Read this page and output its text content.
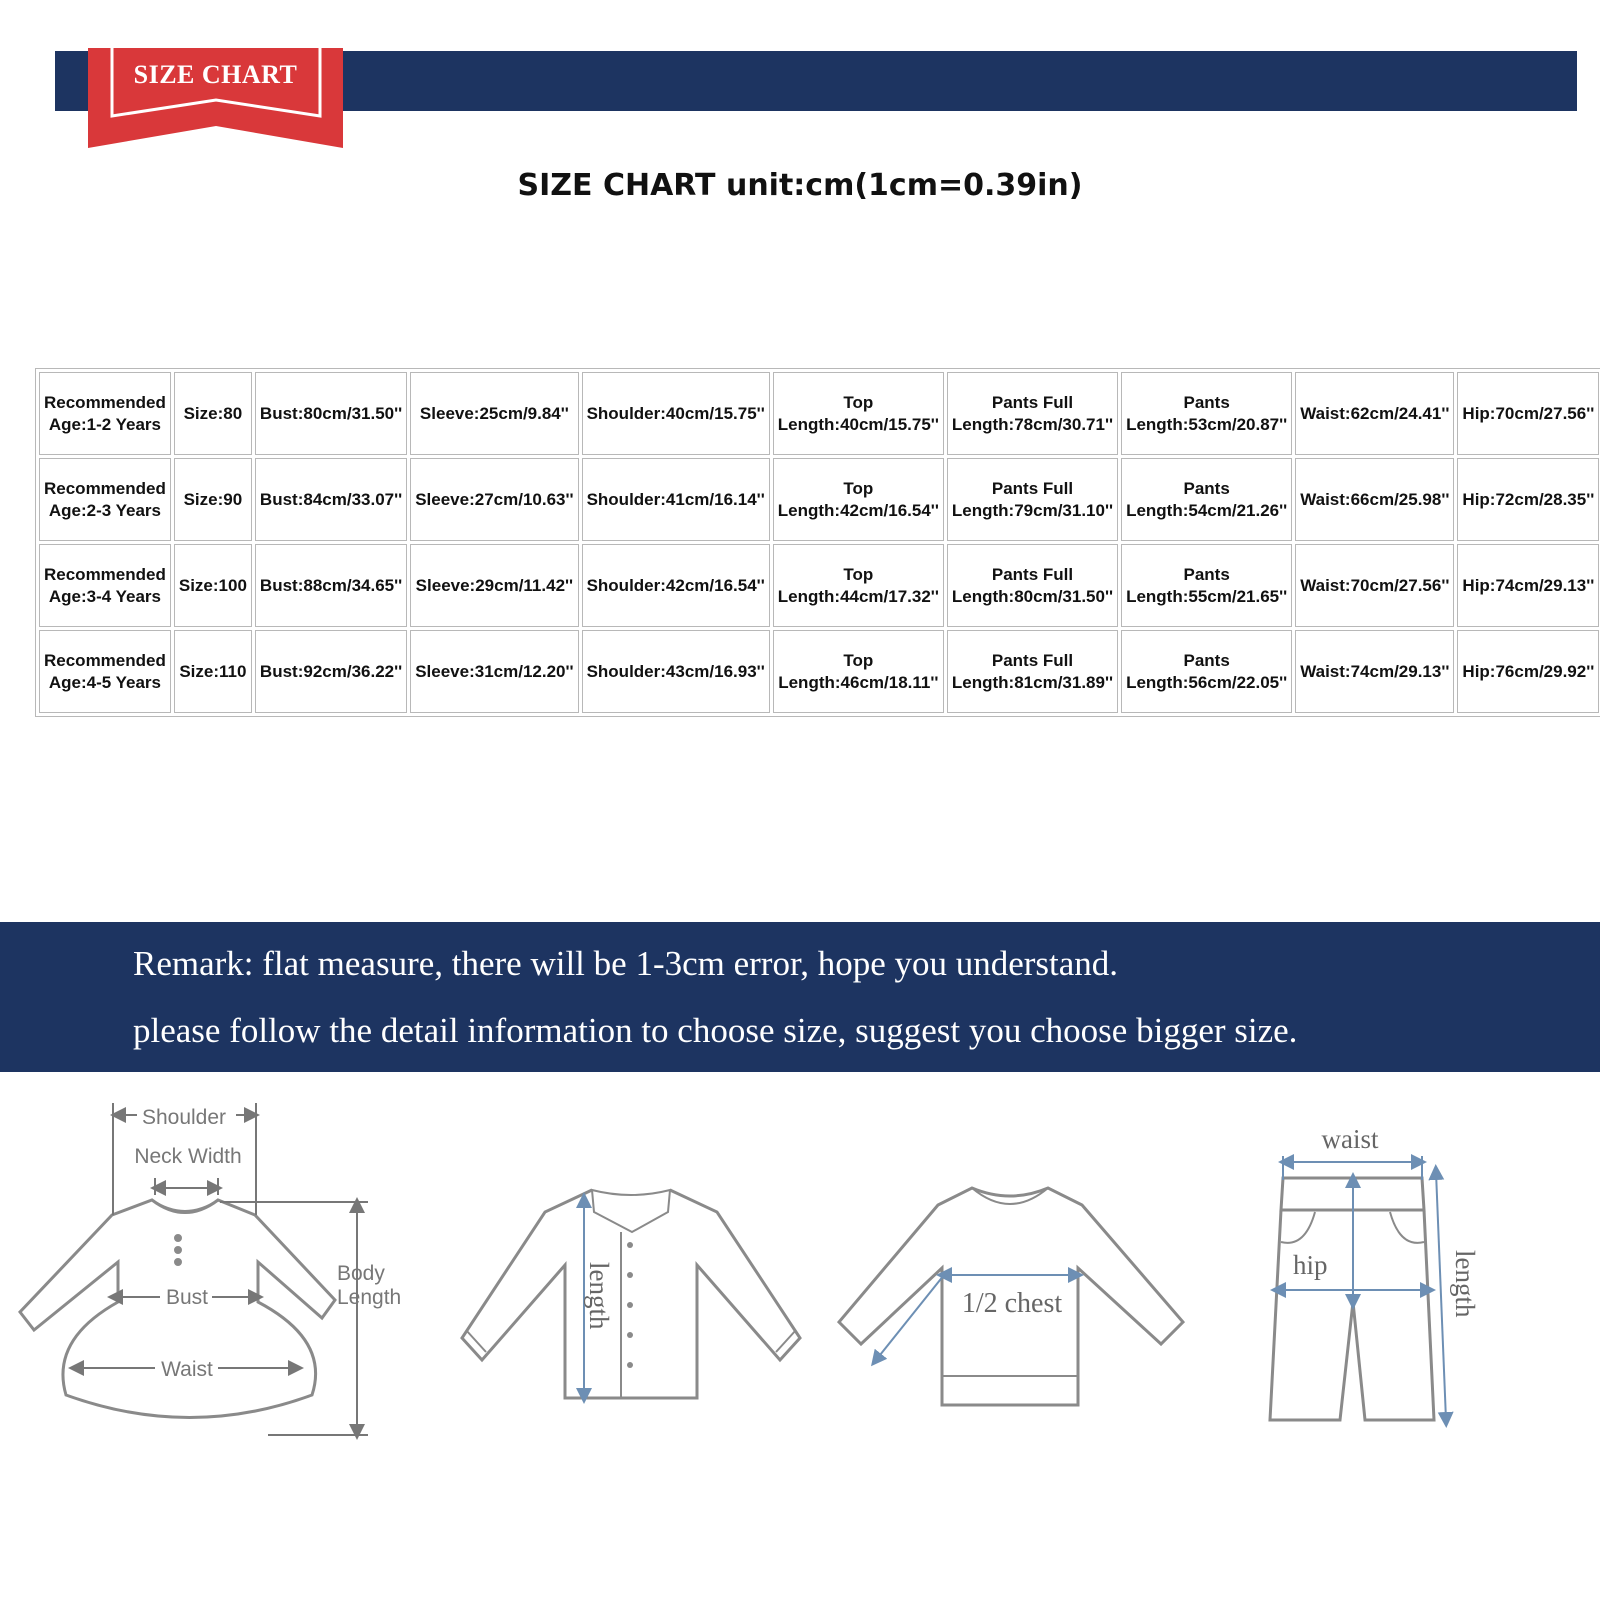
SIZE CHART
SIZE CHART unit:cm(1cm=0.39in)
Recommended
Age:1-2 Years	Size:80	Bust:80cm/31.50''	Sleeve:25cm/9.84''	Shoulder:40cm/15.75''	Top
Length:40cm/15.75''	Pants Full
Length:78cm/30.71''	Pants
Length:53cm/20.87''	Waist:62cm/24.41''	Hip:70cm/27.56''
Recommended
Age:2-3 Years	Size:90	Bust:84cm/33.07''	Sleeve:27cm/10.63''	Shoulder:41cm/16.14''	Top
Length:42cm/16.54''	Pants Full
Length:79cm/31.10''	Pants
Length:54cm/21.26''	Waist:66cm/25.98''	Hip:72cm/28.35''
Recommended
Age:3-4 Years	Size:100	Bust:88cm/34.65''	Sleeve:29cm/11.42''	Shoulder:42cm/16.54''	Top
Length:44cm/17.32''	Pants Full
Length:80cm/31.50''	Pants
Length:55cm/21.65''	Waist:70cm/27.56''	Hip:74cm/29.13''
Recommended
Age:4-5 Years	Size:110	Bust:92cm/36.22''	Sleeve:31cm/12.20''	Shoulder:43cm/16.93''	Top
Length:46cm/18.11''	Pants Full
Length:81cm/31.89''	Pants
Length:56cm/22.05''	Waist:74cm/29.13''	Hip:76cm/29.92''
Remark: flat measure, there will be 1-3cm error, hope you understand.
please follow the detail information to choose size, suggest you choose bigger size.
Shoulder
Neck Width
Bust
Waist
Body
Length	length	1/2 chest
waist
hip	length
